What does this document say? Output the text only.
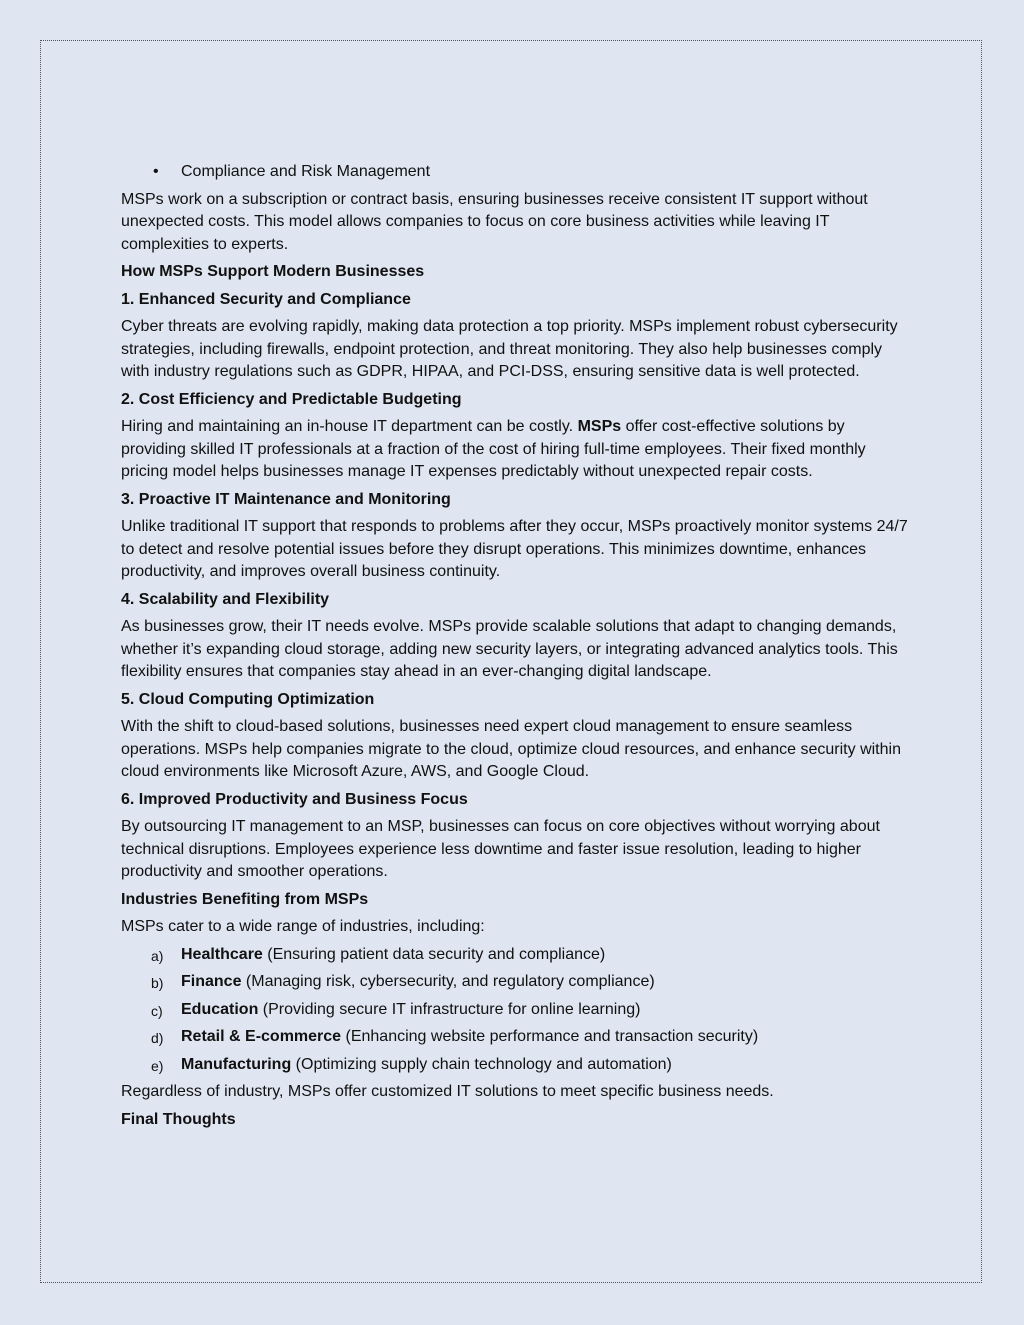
• Compliance and Risk Management

MSPs work on a subscription or contract basis, ensuring businesses receive consistent IT support without unexpected costs. This model allows companies to focus on core business activities while leaving IT complexities to experts.

How MSPs Support Modern Businesses
1. Enhanced Security and Compliance

Cyber threats are evolving rapidly, making data protection a top priority. MSPs implement robust cybersecurity strategies, including firewalls, endpoint protection, and threat monitoring. They also help businesses comply with industry regulations such as GDPR, HIPAA, and PCI-DSS, ensuring sensitive data is well protected.

2. Cost Efficiency and Predictable Budgeting

Hiring and maintaining an in-house IT department can be costly. MSPs offer cost-effective solutions by providing skilled IT professionals at a fraction of the cost of hiring full-time employees. Their fixed monthly pricing model helps businesses manage IT expenses predictably without unexpected repair costs.

3. Proactive IT Maintenance and Monitoring

Unlike traditional IT support that responds to problems after they occur, MSPs proactively monitor systems 24/7 to detect and resolve potential issues before they disrupt operations. This minimizes downtime, enhances productivity, and improves overall business continuity.

4. Scalability and Flexibility

As businesses grow, their IT needs evolve. MSPs provide scalable solutions that adapt to changing demands, whether it’s expanding cloud storage, adding new security layers, or integrating advanced analytics tools. This flexibility ensures that companies stay ahead in an ever-changing digital landscape.

5. Cloud Computing Optimization

With the shift to cloud-based solutions, businesses need expert cloud management to ensure seamless operations. MSPs help companies migrate to the cloud, optimize cloud resources, and enhance security within cloud environments like Microsoft Azure, AWS, and Google Cloud.

6. Improved Productivity and Business Focus

By outsourcing IT management to an MSP, businesses can focus on core objectives without worrying about technical disruptions. Employees experience less downtime and faster issue resolution, leading to higher productivity and smoother operations.

Industries Benefiting from MSPs

MSPs cater to a wide range of industries, including:

a) Healthcare (Ensuring patient data security and compliance)
b) Finance (Managing risk, cybersecurity, and regulatory compliance)
c) Education (Providing secure IT infrastructure for online learning)
d) Retail & E-commerce (Enhancing website performance and transaction security)
e) Manufacturing (Optimizing supply chain technology and automation)

Regardless of industry, MSPs offer customized IT solutions to meet specific business needs.

Final Thoughts
